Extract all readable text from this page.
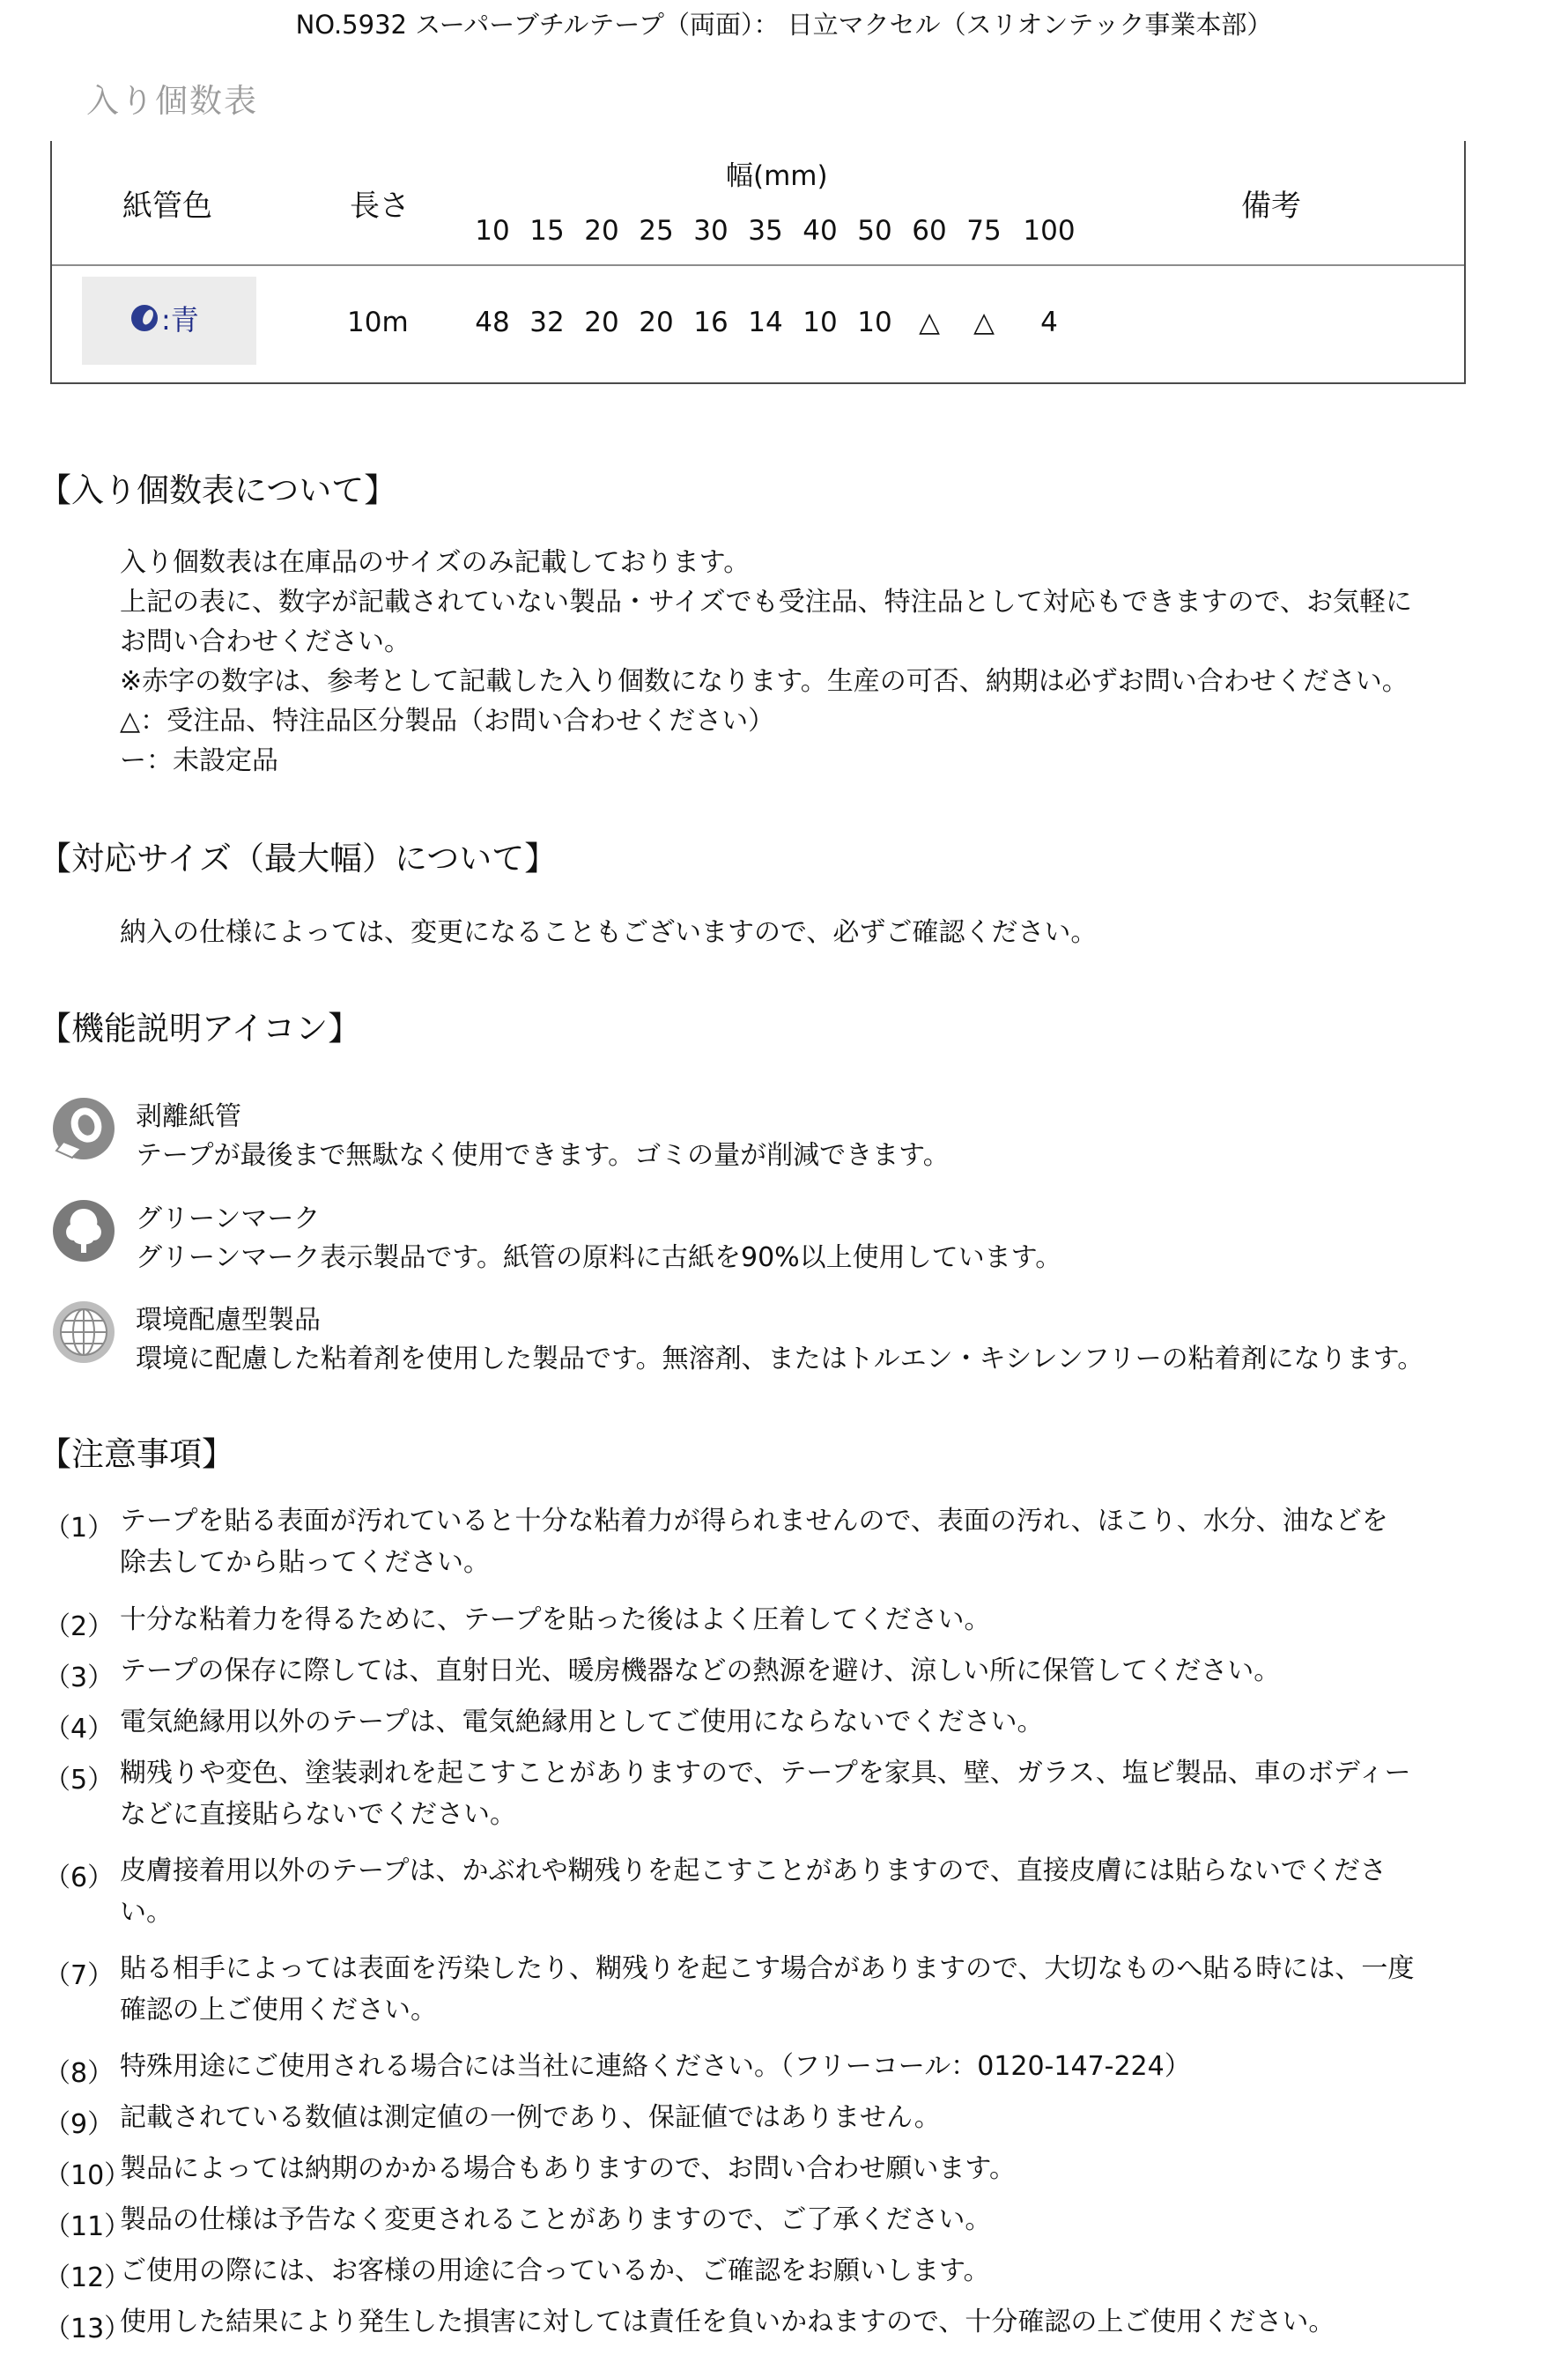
NO.5932 スーパーブチルテープ（両面）： 日立マクセル（スリオンテック事業本部）
入り個数表
紙管色	長さ
幅(mm)
備考
10 15 20 25 30 35 40 50 60 75 100
:青	10m 48 32 20 20 16 14 10 10 △ △ 4
【入り個数表について】
入り個数表は在庫品のサイズのみ記載しております。
上記の表に、数字が記載されていない製品・サイズでも受注品、特注品として対応もできますので、お気軽に
お問い合わせください。
※赤字の数字は、参考として記載した入り個数になります。生産の可否、納期は必ずお問い合わせください。
△：受注品、特注品区分製品（お問い合わせください）
ー：未設定品
【対応サイズ（最大幅）について】
納入の仕様によっては、変更になることもございますので、必ずご確認ください。
【機能説明アイコン】
剥離紙管
テープが最後まで無駄なく使用できます。ゴミの量が削減できます。
グリーンマーク
グリーンマーク表示製品です。紙管の原料に古紙を90%以上使用しています。
環境配慮型製品
環境に配慮した粘着剤を使用した製品です。無溶剤、またはトルエン・キシレンフリーの粘着剤になります。
【注意事項】
（1） テープを貼る表面が汚れていると十分な粘着力が得られませんので、表面の汚れ、ほこり、水分、油などを
除去してから貼ってください。
（2） 十分な粘着力を得るために、テープを貼った後はよく圧着してください。
（3） テープの保存に際しては、直射日光、暖房機器などの熱源を避け、涼しい所に保管してください。
（4） 電気絶縁用以外のテープは、電気絶縁用としてご使用にならないでください。
（5） 糊残りや変色、塗装剥れを起こすことがありますので、テープを家具、壁、ガラス、塩ビ製品、車のボディー
などに直接貼らないでください。
（6） 皮膚接着用以外のテープは、かぶれや糊残りを起こすことがありますので、直接皮膚には貼らないでくださ
い。
（7） 貼る相手によっては表面を汚染したり、糊残りを起こす場合がありますので、大切なものへ貼る時には、一度
確認の上ご使用ください。
（8） 特殊用途にご使用される場合には当社に連絡ください。（フリーコール：0120-147-224）
（9） 記載されている数値は測定値の一例であり、保証値ではありません。
（10）
製品によっては納期のかかる場合もありますので、お問い合わせ願います。
（11）
製品の仕様は予告なく変更されることがありますので、ご了承ください。
（12）
ご使用の際には、お客様の用途に合っているか、ご確認をお願いします。
（13）
使用した結果により発生した損害に対しては責任を負いかねますので、十分確認の上ご使用ください。
